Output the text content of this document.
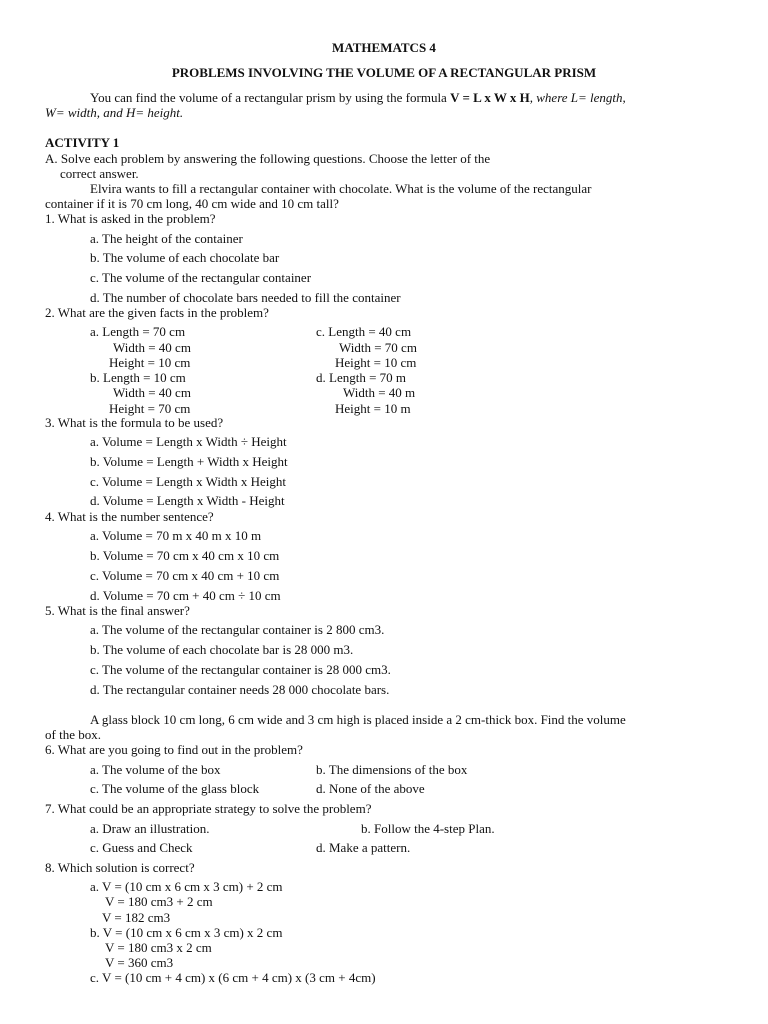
MATHEMATCS 4
PROBLEMS INVOLVING THE VOLUME OF A RECTANGULAR PRISM
You can find the volume of a rectangular prism by using the formula V = L x W x H, where L= length,
W= width, and H= height.
ACTIVITY 1
A. Solve each problem by answering the following questions. Choose the letter of the
correct answer.
Elvira wants to fill a rectangular container with chocolate. What is the volume of the rectangular
container if it is 70 cm long, 40 cm wide and 10 cm tall?
1. What is asked in the problem?
a. The height of the container
b. The volume of each chocolate bar
c. The volume of the rectangular container
d. The number of chocolate bars needed to fill the container
2. What are the given facts in the problem?
a. Length = 70 cm
Width = 40 cm
Height = 10 cm
b. Length = 10 cm
Width = 40 cm
Height = 70 cm
c. Length = 40 cm
Width = 70 cm
Height = 10 cm
d. Length = 70 m
Width = 40 m
Height = 10 m
3. What is the formula to be used?
a. Volume = Length x Width ÷ Height
b. Volume = Length + Width x Height
c. Volume = Length x Width x Height
d. Volume = Length x Width - Height
4. What is the number sentence?
a. Volume = 70 m x 40 m x 10 m
b. Volume = 70 cm x 40 cm x 10 cm
c. Volume = 70 cm x 40 cm + 10 cm
d. Volume = 70 cm + 40 cm ÷ 10 cm
5. What is the final answer?
a. The volume of the rectangular container is 2 800 cm3.
b. The volume of each chocolate bar is 28 000 m3.
c. The volume of the rectangular container is 28 000 cm3.
d. The rectangular container needs 28 000 chocolate bars.
A glass block 10 cm long, 6 cm wide and 3 cm high is placed inside a 2 cm-thick box. Find the volume
of the box.
6. What are you going to find out in the problem?
a. The volume of the box	b. The dimensions of the box
c. The volume of the glass block	d. None of the above
7. What could be an appropriate strategy to solve the problem?
a. Draw an illustration.	b. Follow the 4-step Plan.
c. Guess and Check	d. Make a pattern.
8. Which solution is correct?
a. V = (10 cm x 6 cm x 3 cm) + 2 cm
V = 180 cm3 + 2 cm
V = 182 cm3
b. V = (10 cm x 6 cm x 3 cm) x 2 cm
V = 180 cm3 x 2 cm
V = 360 cm3
c. V = (10 cm + 4 cm) x (6 cm + 4 cm) x (3 cm + 4cm)
